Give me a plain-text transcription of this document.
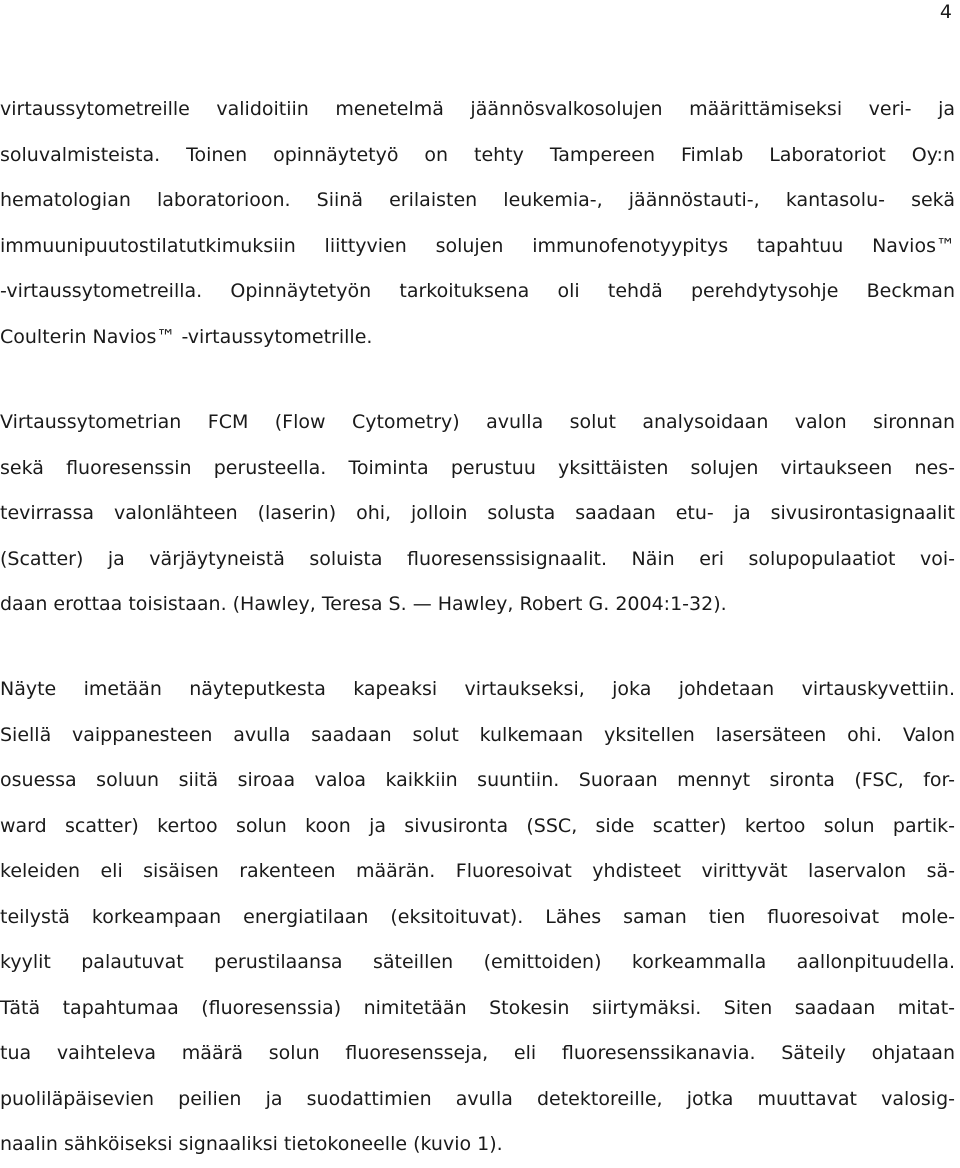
4
virtaussytometreille validoitiin menetelmä jäännösvalkosolujen määrittämiseksi veri- ja
soluvalmisteista. Toinen opinnäytetyö on tehty Tampereen Fimlab Laboratoriot Oy:n
hematologian laboratorioon. Siinä erilaisten leukemia-, jäännöstauti-, kantasolu- sekä
immuunipuutostilatutkimuksiin liittyvien solujen immunofenotyypitys tapahtuu Navios™
-virtaussytometreilla. Opinnäytetyön tarkoituksena oli tehdä perehdytysohje Beckman
Coulterin Navios™ -virtaussytometrille.
Virtaussytometrian FCM (Flow Cytometry) avulla solut analysoidaan valon sironnan
sekä fluoresenssin perusteella. Toiminta perustuu yksittäisten solujen virtaukseen nes-
tevirrassa valonlähteen (laserin) ohi, jolloin solusta saadaan etu- ja sivusirontasignaalit
(Scatter) ja värjäytyneistä soluista fluoresenssisignaalit. Näin eri solupopulaatiot voi-
daan erottaa toisistaan. (Hawley, Teresa S. — Hawley, Robert G. 2004:1-32).
Näyte imetään näyteputkesta kapeaksi virtaukseksi, joka johdetaan virtauskyvettiin.
Siellä vaippanesteen avulla saadaan solut kulkemaan yksitellen lasersäteen ohi. Valon
osuessa soluun siitä siroaa valoa kaikkiin suuntiin. Suoraan mennyt sironta (FSC, for-
ward scatter) kertoo solun koon ja sivusironta (SSC, side scatter) kertoo solun partik-
keleiden eli sisäisen rakenteen määrän. Fluoresoivat yhdisteet virittyvät laservalon sä-
teilystä korkeampaan energiatilaan (eksitoituvat). Lähes saman tien fluoresoivat mole-
kyylit palautuvat perustilaansa säteillen (emittoiden) korkeammalla aallonpituudella.
Tätä tapahtumaa (fluoresenssia) nimitetään Stokesin siirtymäksi. Siten saadaan mitat-
tua vaihteleva määrä solun fluoresensseja, eli fluoresenssikanavia. Säteily ohjataan
puoliläpäisevien peilien ja suodattimien avulla detektoreille, jotka muuttavat valosig-
naalin sähköiseksi signaaliksi tietokoneelle (kuvio 1).
